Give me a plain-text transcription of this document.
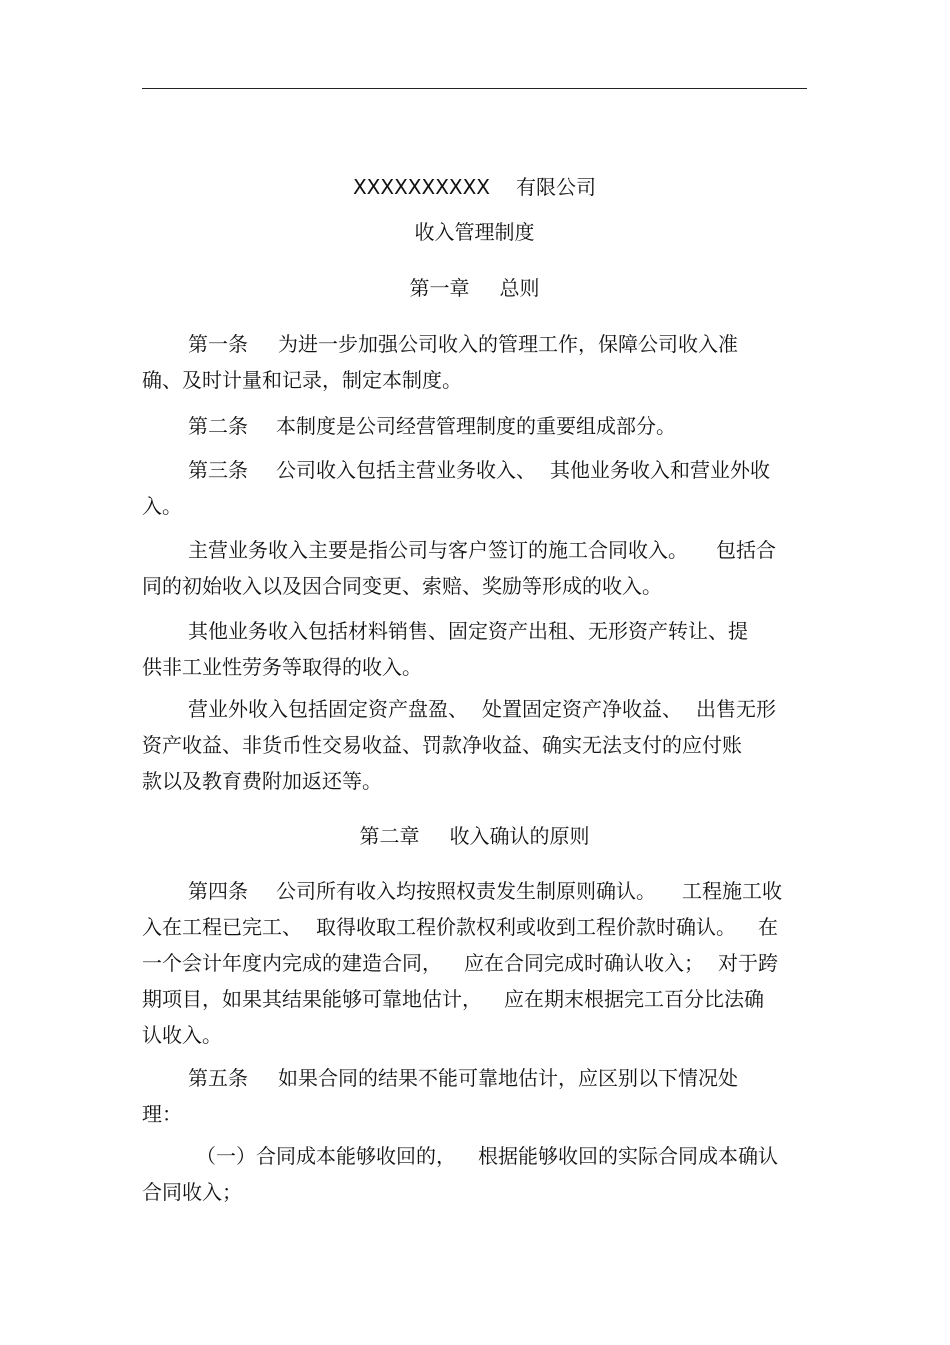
XXXXXXXXXX 有限公司
收入管理制度
第一章 总则
第一条 为进一步加强公司收入的管理工作，保障公司收入准
确、及时计量和记录，制定本制度。
第二条 本制度是公司经营管理制度的重要组成部分。
第三条 公司收入包括主营业务收入、 其他业务收入和营业外收
入。
主营业务收入主要是指公司与客户签订的施工合同收入。 包括合
同的初始收入以及因合同变更、索赔、奖励等形成的收入。
其他业务收入包括材料销售、固定资产出租、无形资产转让、提
供非工业性劳务等取得的收入。
营业外收入包括固定资产盘盈、 处置固定资产净收益、 出售无形
资产收益、非货币性交易收益、罚款净收益、确实无法支付的应付账
款以及教育费附加返还等。
第二章 收入确认的原则
第四条 公司所有收入均按照权责发生制原则确认。 工程施工收
入在工程已完工、 取得收取工程价款权利或收到工程价款时确认。 在
一个会计年度内完成的建造合同， 应在合同完成时确认收入； 对于跨
期项目，如果其结果能够可靠地估计， 应在期末根据完工百分比法确
认收入。
第五条 如果合同的结果不能可靠地估计，应区别以下情况处
理：
（一）合同成本能够收回的， 根据能够收回的实际合同成本确认
合同收入；
